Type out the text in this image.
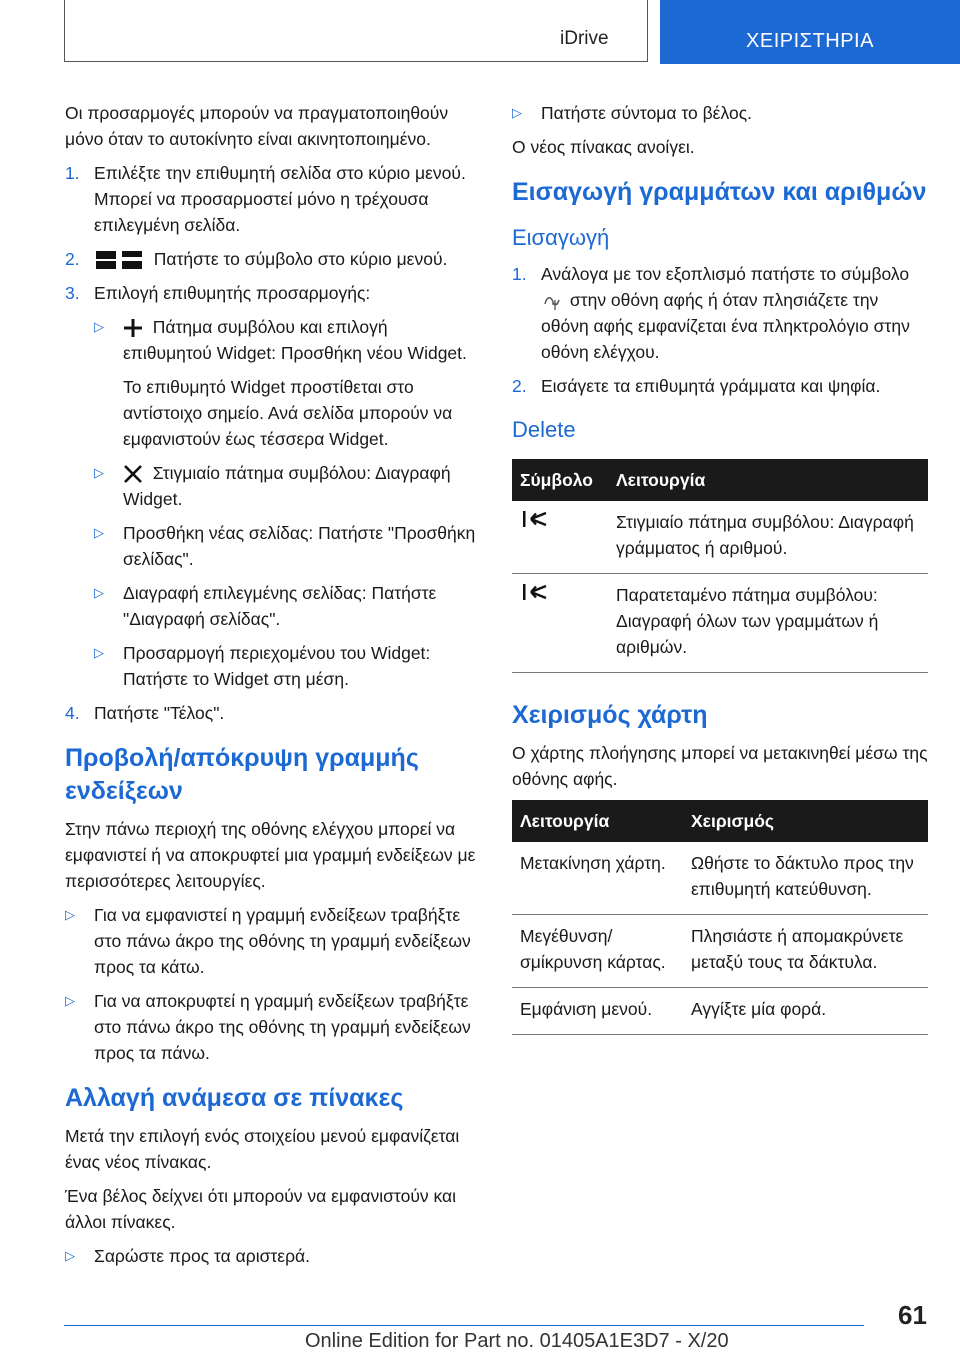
iDrive	ΧΕΙΡΙΣΤΗΡΙΑ

Οι προσαρμογές μπορούν να πραγματοποιηθούν μόνο όταν το αυτοκίνητο είναι ακινητοποιημένο.

1. Επιλέξτε την επιθυμητή σελίδα στο κύριο μενού. Μπορεί να προσαρμοστεί μόνο η τρέχουσα επιλεγμένη σελίδα.
2.	Πατήστε το σύμβολο στο κύριο μενού.
3. Επιλογή επιθυμητής προσαρμογής:
▷	Πάτημα συμβόλου και επιλογή επιθυμητού Widget: Προσθήκη νέου Widget.

Το επιθυμητό Widget προστίθεται στο αντίστοιχο σημείο. Ανά σελίδα μπορούν να εμφανιστούν έως τέσσερα Widget.

▷	Στιγμιαίο πάτημα συμβόλου: Διαγραφή Widget.
▷	Προσθήκη νέας σελίδας: Πατήστε "Προσθήκη σελίδας".
▷	Διαγραφή επιλεγμένης σελίδας: Πατήστε "Διαγραφή σελίδας".
▷	Προσαρμογή περιεχομένου του Widget: Πατήστε το Widget στη μέση.
4. Πατήστε "Τέλος".
Προβολή/απόκρυψη γραμμής ενδείξεων

Στην πάνω περιοχή της οθόνης ελέγχου μπορεί να εμφανιστεί ή να αποκρυφτεί μια γραμμή ενδείξεων με περισσότερες λειτουργίες.

▷	Για να εμφανιστεί η γραμμή ενδείξεων τραβήξτε στο πάνω άκρο της οθόνης τη γραμμή ενδείξεων προς τα κάτω.
▷	Για να αποκρυφτεί η γραμμή ενδείξεων τραβήξτε στο πάνω άκρο της οθόνης τη γραμμή ενδείξεων προς τα πάνω.
Αλλαγή ανάμεσα σε πίνακες

Μετά την επιλογή ενός στοιχείου μενού εμφανίζεται ένας νέος πίνακας.

Ένα βέλος δείχνει ότι μπορούν να εμφανιστούν και άλλοι πίνακες.

▷	Σαρώστε προς τα αριστερά.
▷	Πατήστε σύντομα το βέλος.

Ο νέος πίνακας ανοίγει.

Εισαγωγή γραμμάτων και αριθμών
Εισαγωγή
1. Ανάλογα με τον εξοπλισμό πατήστε το σύμβολο  στην οθόνη αφής ή όταν πλησιάζετε την οθόνη αφής εμφανίζεται ένα πληκτρολόγιο στην οθόνη ελέγχου.
2. Εισάγετε τα επιθυμητά γράμματα και ψηφία.
Delete
Σύμβολο	Λειτουργία
	Στιγμιαίο πάτημα συμβόλου: Διαγραφή γράμματος ή αριθμού.
	Παρατεταμένο πάτημα συμβόλου: Διαγραφή όλων των γραμμάτων ή αριθμών.
Χειρισμός χάρτη

Ο χάρτης πλοήγησης μπορεί να μετακινηθεί μέσω της οθόνης αφής.

Λειτουργία	Χειρισμός
Μετακίνηση χάρτη.	Ωθήστε το δάκτυλο προς την επιθυμητή κατεύθυνση.
Μεγέθυνση/ σμίκρυνση κάρτας.	Πλησιάστε ή απομακρύνετε μεταξύ τους τα δάκτυλα.
Εμφάνιση μενού.	Αγγίξτε μία φορά.
61
Online Edition for Part no. 01405A1E3D7 - X/20
